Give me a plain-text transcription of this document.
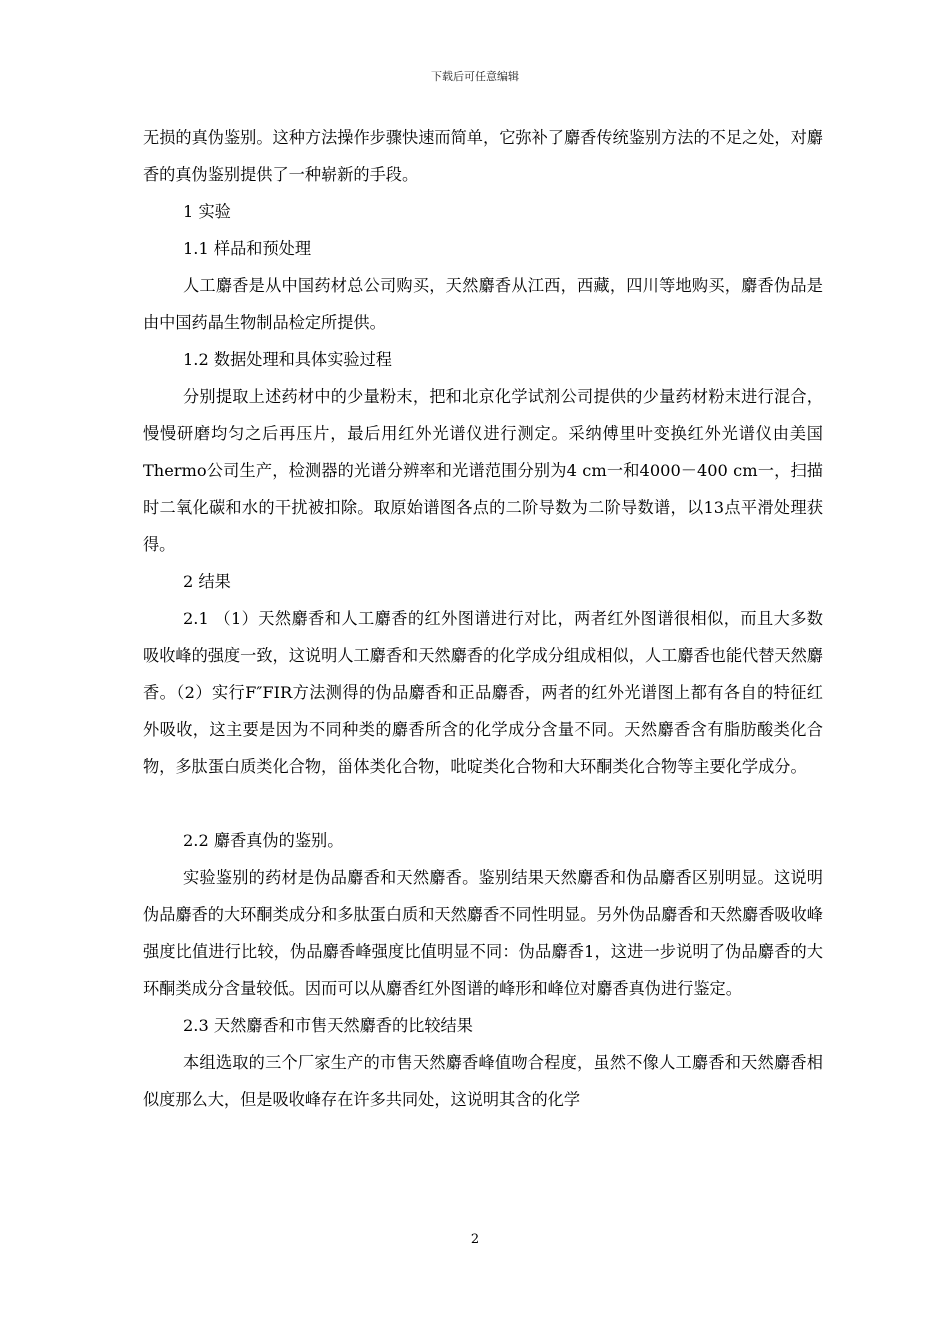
下载后可任意编辑

无损的真伪鉴别。这种方法操作步骤快速而简单，它弥补了麝香传统鉴别方法的不足之处，对麝香的真伪鉴别提供了一种崭新的手段。

1 实验

1.1 样品和预处理

人工麝香是从中国药材总公司购买，天然麝香从江西，西藏，四川等地购买，麝香伪品是由中国药晶生物制品检定所提供。

1.2 数据处理和具体实验过程

分别提取上述药材中的少量粉末，把和北京化学试剂公司提供的少量药材粉末进行混合，慢慢研磨均匀之后再压片，最后用红外光谱仪进行测定。采纳傅里叶变换红外光谱仪由美国Thermo公司生产，检测器的光谱分辨率和光谱范围分别为4 cm一和4000－400 cm一，扫描时二氧化碳和水的干扰被扣除。取原始谱图各点的二阶导数为二阶导数谱，以13点平滑处理获得。

2 结果

2.1 （1）天然麝香和人工麝香的红外图谱进行对比，两者红外图谱很相似，而且大多数吸收峰的强度一致，这说明人工麝香和天然麝香的化学成分组成相似，人工麝香也能代替天然麝香。（2）实行F″FIR方法测得的伪品麝香和正品麝香，两者的红外光谱图上都有各自的特征红外吸收，这主要是因为不同种类的麝香所含的化学成分含量不同。天然麝香含有脂肪酸类化合物，多肽蛋白质类化合物，甾体类化合物，吡啶类化合物和大环酮类化合物等主要化学成分。

2.2 麝香真伪的鉴别。

实验鉴别的药材是伪品麝香和天然麝香。鉴别结果天然麝香和伪品麝香区别明显。这说明伪品麝香的大环酮类成分和多肽蛋白质和天然麝香不同性明显。另外伪品麝香和天然麝香吸收峰强度比值进行比较，伪品麝香峰强度比值明显不同：伪品麝香1，这进一步说明了伪品麝香的大环酮类成分含量较低。因而可以从麝香红外图谱的峰形和峰位对麝香真伪进行鉴定。

2.3 天然麝香和市售天然麝香的比较结果

本组选取的三个厂家生产的市售天然麝香峰值吻合程度，虽然不像人工麝香和天然麝香相似度那么大，但是吸收峰存在许多共同处，这说明其含的化学

2
